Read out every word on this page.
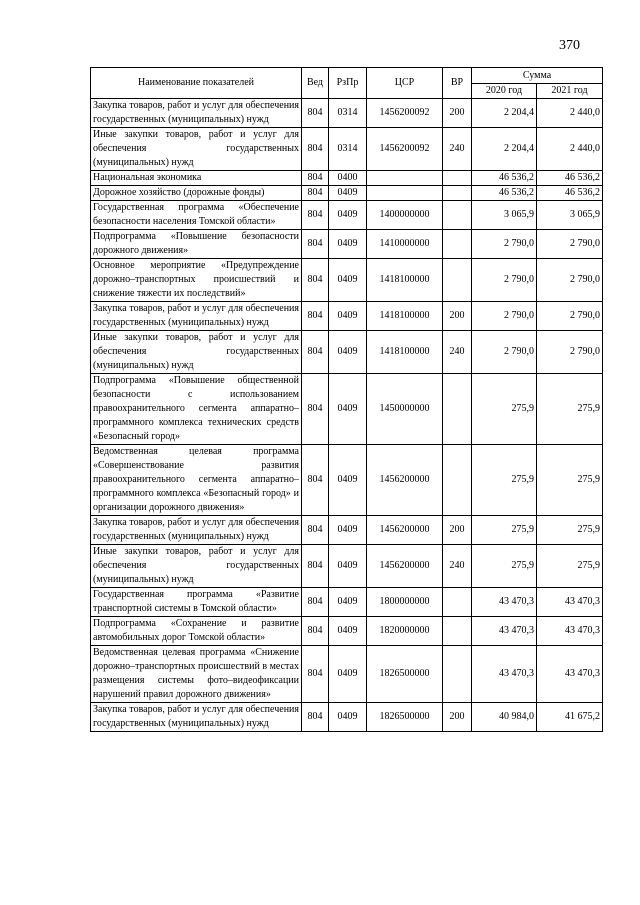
370
Наименование показателей	Вед	РзПр	ЦСР	ВР	Сумма	
					2020 год	2021 год
Закупка товаров, работ и услуг для обеспечения государственных (муниципальных) нужд	804	0314	1456200092	200	2 204,4	2 440,0
Иные закупки товаров, работ и услуг для обеспечения государственных (муниципальных) нужд	804	0314	1456200092	240	2 204,4	2 440,0
Национальная экономика	804	0400			46 536,2	46 536,2
Дорожное хозяйство (дорожные фонды)	804	0409			46 536,2	46 536,2
Государственная программа «Обеспечение безопасности населения Томской области»	804	0409	1400000000		3 065,9	3 065,9
Подпрограмма «Повышение безопасности дорожного движения»	804	0409	1410000000		2 790,0	2 790,0
Основное мероприятие «Предупреждение дорожно–транспортных происшествий и снижение тяжести их последствий»	804	0409	1418100000		2 790,0	2 790,0
Закупка товаров, работ и услуг для обеспечения государственных (муниципальных) нужд	804	0409	1418100000	200	2 790,0	2 790,0
Иные закупки товаров, работ и услуг для обеспечения государственных (муниципальных) нужд	804	0409	1418100000	240	2 790,0	2 790,0
Подпрограмма «Повышение общественной безопасности с использованием правоохранительного сегмента аппаратно–программного комплекса технических средств «Безопасный город»	804	0409	1450000000		275,9	275,9
Ведомственная целевая программа «Совершенствование развития правоохранительного сегмента аппаратно–программного комплекса «Безопасный город» и организации дорожного движения»	804	0409	1456200000		275,9	275,9
Закупка товаров, работ и услуг для обеспечения государственных (муниципальных) нужд	804	0409	1456200000	200	275,9	275,9
Иные закупки товаров, работ и услуг для обеспечения государственных (муниципальных) нужд	804	0409	1456200000	240	275,9	275,9
Государственная программа «Развитие транспортной системы в Томской области»	804	0409	1800000000		43 470,3	43 470,3
Подпрограмма «Сохранение и развитие автомобильных дорог Томской области»	804	0409	1820000000		43 470,3	43 470,3
Ведомственная целевая программа «Снижение дорожно–транспортных происшествий в местах размещения системы фото–видеофиксации нарушений правил дорожного движения»	804	0409	1826500000		43 470,3	43 470,3
Закупка товаров, работ и услуг для обеспечения государственных (муниципальных) нужд	804	0409	1826500000	200	40 984,0	41 675,2
